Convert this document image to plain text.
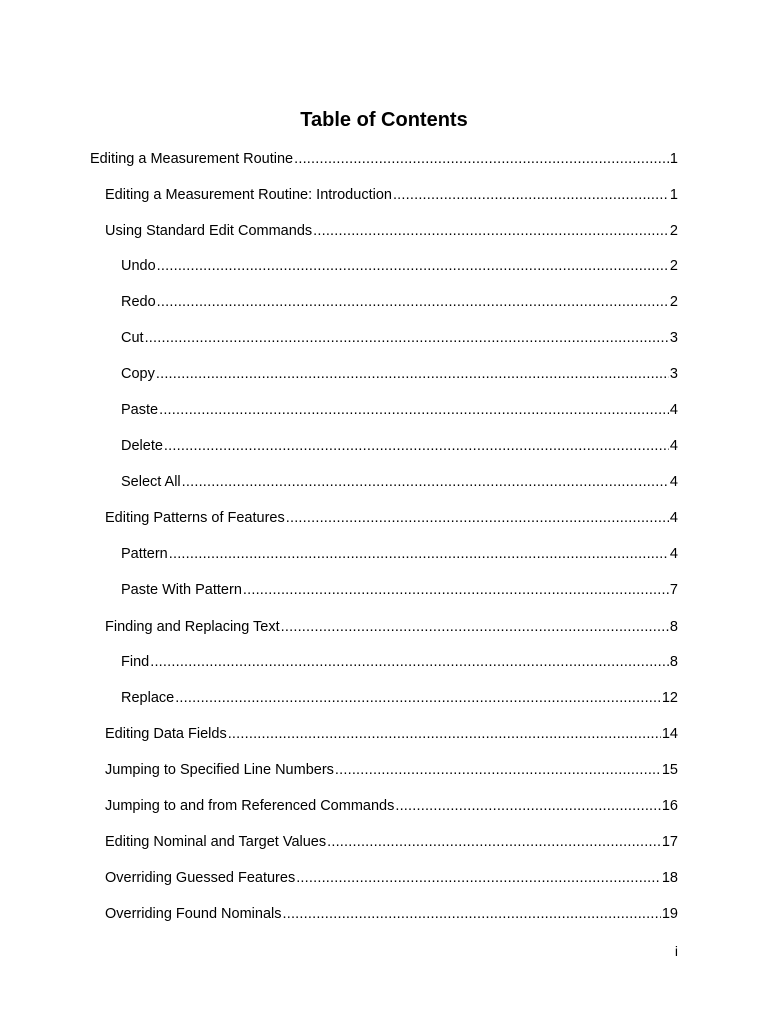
Table of Contents
Editing a Measurement Routine .....	1
Editing a Measurement Routine: Introduction .....	1
Using Standard Edit Commands .....	2
Undo .....	2
Redo .....	2
Cut .....	3
Copy .....	3
Paste .....	4
Delete .....	4
Select All .....	4
Editing Patterns of Features .....	4
Pattern .....	4
Paste With Pattern .....	7
Finding and Replacing Text .....	8
Find .....	8
Replace .....	12
Editing Data Fields .....	14
Jumping to Specified Line Numbers .....	15
Jumping to and from Referenced Commands .....	16
Editing Nominal and Target Values .....	17
Overriding Guessed Features .....	18
Overriding Found Nominals .....	19
i
